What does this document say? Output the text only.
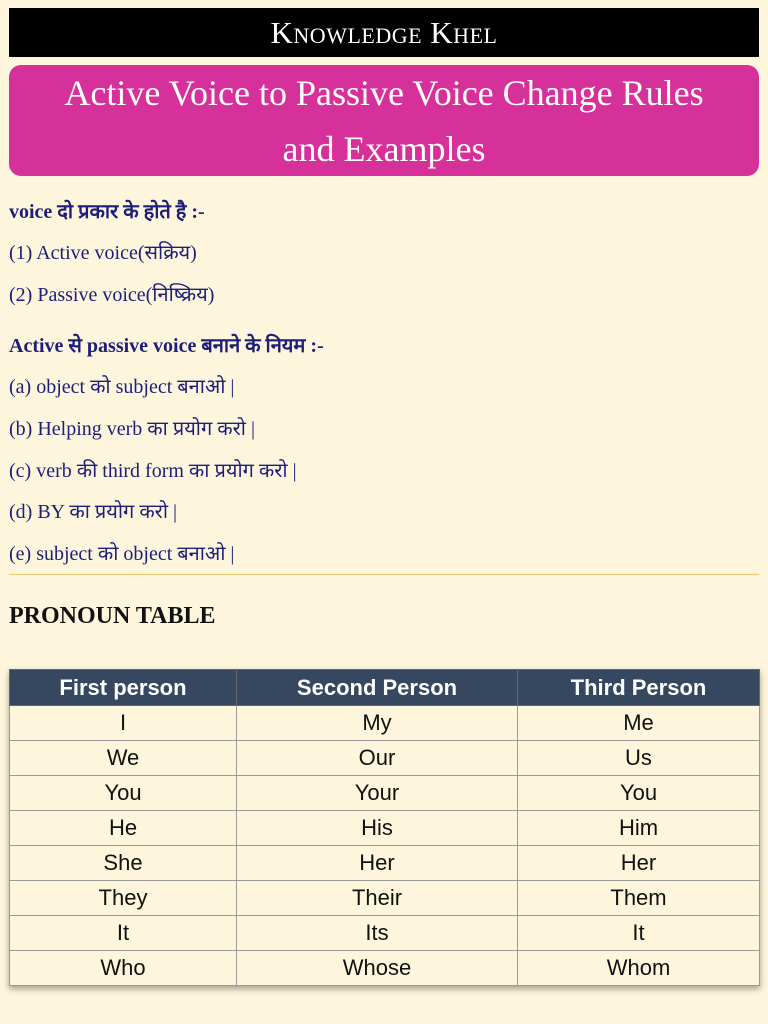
Knowledge Khel
Active Voice to Passive Voice Change Rules
and Examples
voice दो प्रकार के होते है :-
(1) Active voice(सक्रिय)
(2) Passive voice(निष्क्रिय)
Active से passive voice बनाने के नियम :-
(a) object को subject बनाओ |
(b) Helping verb का प्रयोग करो |
(c) verb की third form का प्रयोग करो |
(d) BY का प्रयोग करो |
(e) subject को object बनाओ |
PRONOUN TABLE
First person	Second Person	Third Person
I	My	Me
We	Our	Us
You	Your	You
He	His	Him
She	Her	Her
They	Their	Them
It	Its	It
Who	Whose	Whom
